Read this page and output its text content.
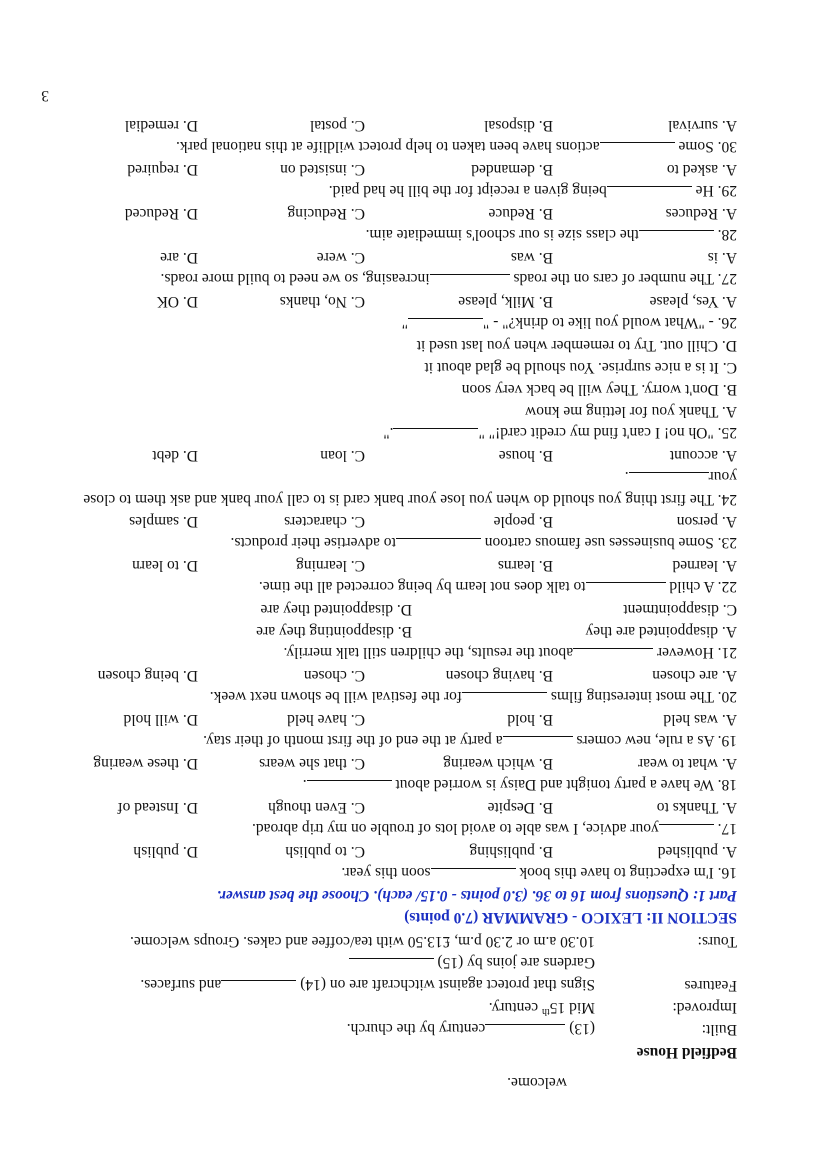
welcome.
Bedfield House
Built:
(13) century by the church.
Improved:
Mid 15th century.
Features
Signs that protect against witchcraft are on (14) and surfaces.
Gardens are joins by (15)
Tours:
10.30 a.m or 2.30 p.m, £13.50 with tea/coffee and cakes. Groups welcome.
SECTION II: LEXICO - GRAMMAR (7.0 points)
Part 1: Questions from 16 to 36. (3.0 points - 0.15/ each). Choose the best answer.
16. I'm expecting to have this book soon this year.
A. published
B. publishing
C. to publish
D. publish
17. your advice, I was able to avoid lots of trouble on my trip abroad.
A. Thanks to
B. Despite
C. Even though
D. Instead of
18. We have a party tonight and Daisy is worried about .
A. what to wear
B. which wearing
C. that she wears
D. these wearing
19. As a rule, new comers a party at the end of the first month of their stay.
A. was held
B. hold
C. have held
D. will hold
20. The most interesting films for the festival will be shown next week.
A. are chosen
B. having chosen
C. chosen
D. being chosen
21. However about the results, the children still talk merrily.
A. disappointed are they
B. disappointing they are
C. disappointment
D. disappointed they are
22. A child to talk does not learn by being corrected all the time.
A. learned
B. learns
C. learning
D. to learn
23. Some businesses use famous cartoon to advertise their products.
A. person
B. people
C. characters
D. samples
24. The first thing you should do when you lose your bank card is to call your bank and ask them to close
your.
A. account
B. house
C. loan
D. debt
25. "Oh no! I can't find my credit card!" "."
A. Thank you for letting me know
B. Don't worry. They will be back very soon
C. It is a nice surprise. You should be glad about it
D. Chill out. Try to remember when you last used it
26. - "What would you like to drink?" - ""
A. Yes, please
B. Milk, please
C. No, thanks
D. OK
27. The number of cars on the roads increasing, so we need to build more roads.
A. is
B. was
C. were
D. are
28. the class size is our school's immediate aim.
A. Reduces
B. Reduce
C. Reducing
D. Reduced
29. He being given a receipt for the bill he had paid.
A. asked to
B. demanded
C. insisted on
D. required
30. Some actions have been taken to help protect wildlife at this national park.
A. survival
B. disposal
C. postal
D. remedial
3
